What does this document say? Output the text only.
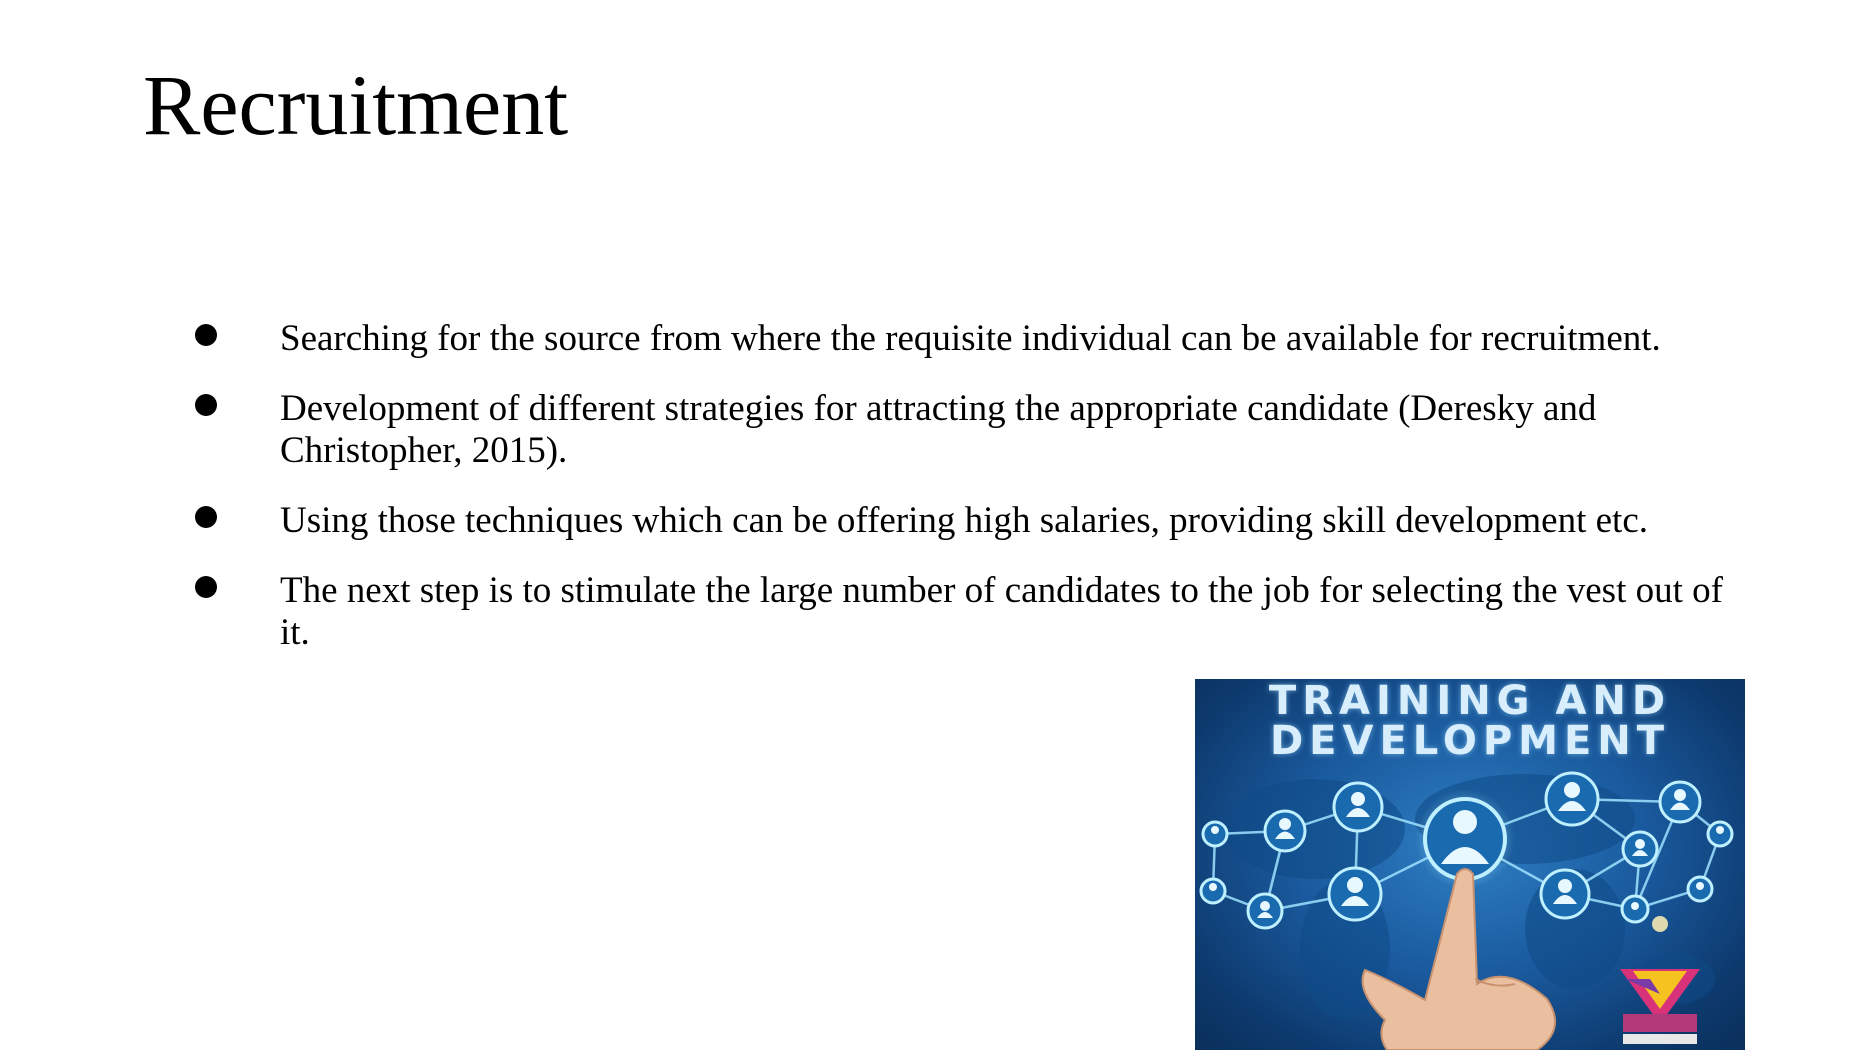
Recruitment
Searching for the source from where the requisite individual can be available for recruitment.
Development of different strategies for attracting the appropriate candidate (Deresky and Christopher, 2015).
Using those techniques which can be offering high salaries, providing skill development etc.
The next step is to stimulate the large number of candidates to the job for selecting the vest out of it.
TRAINING AND
DEVELOPMENT
